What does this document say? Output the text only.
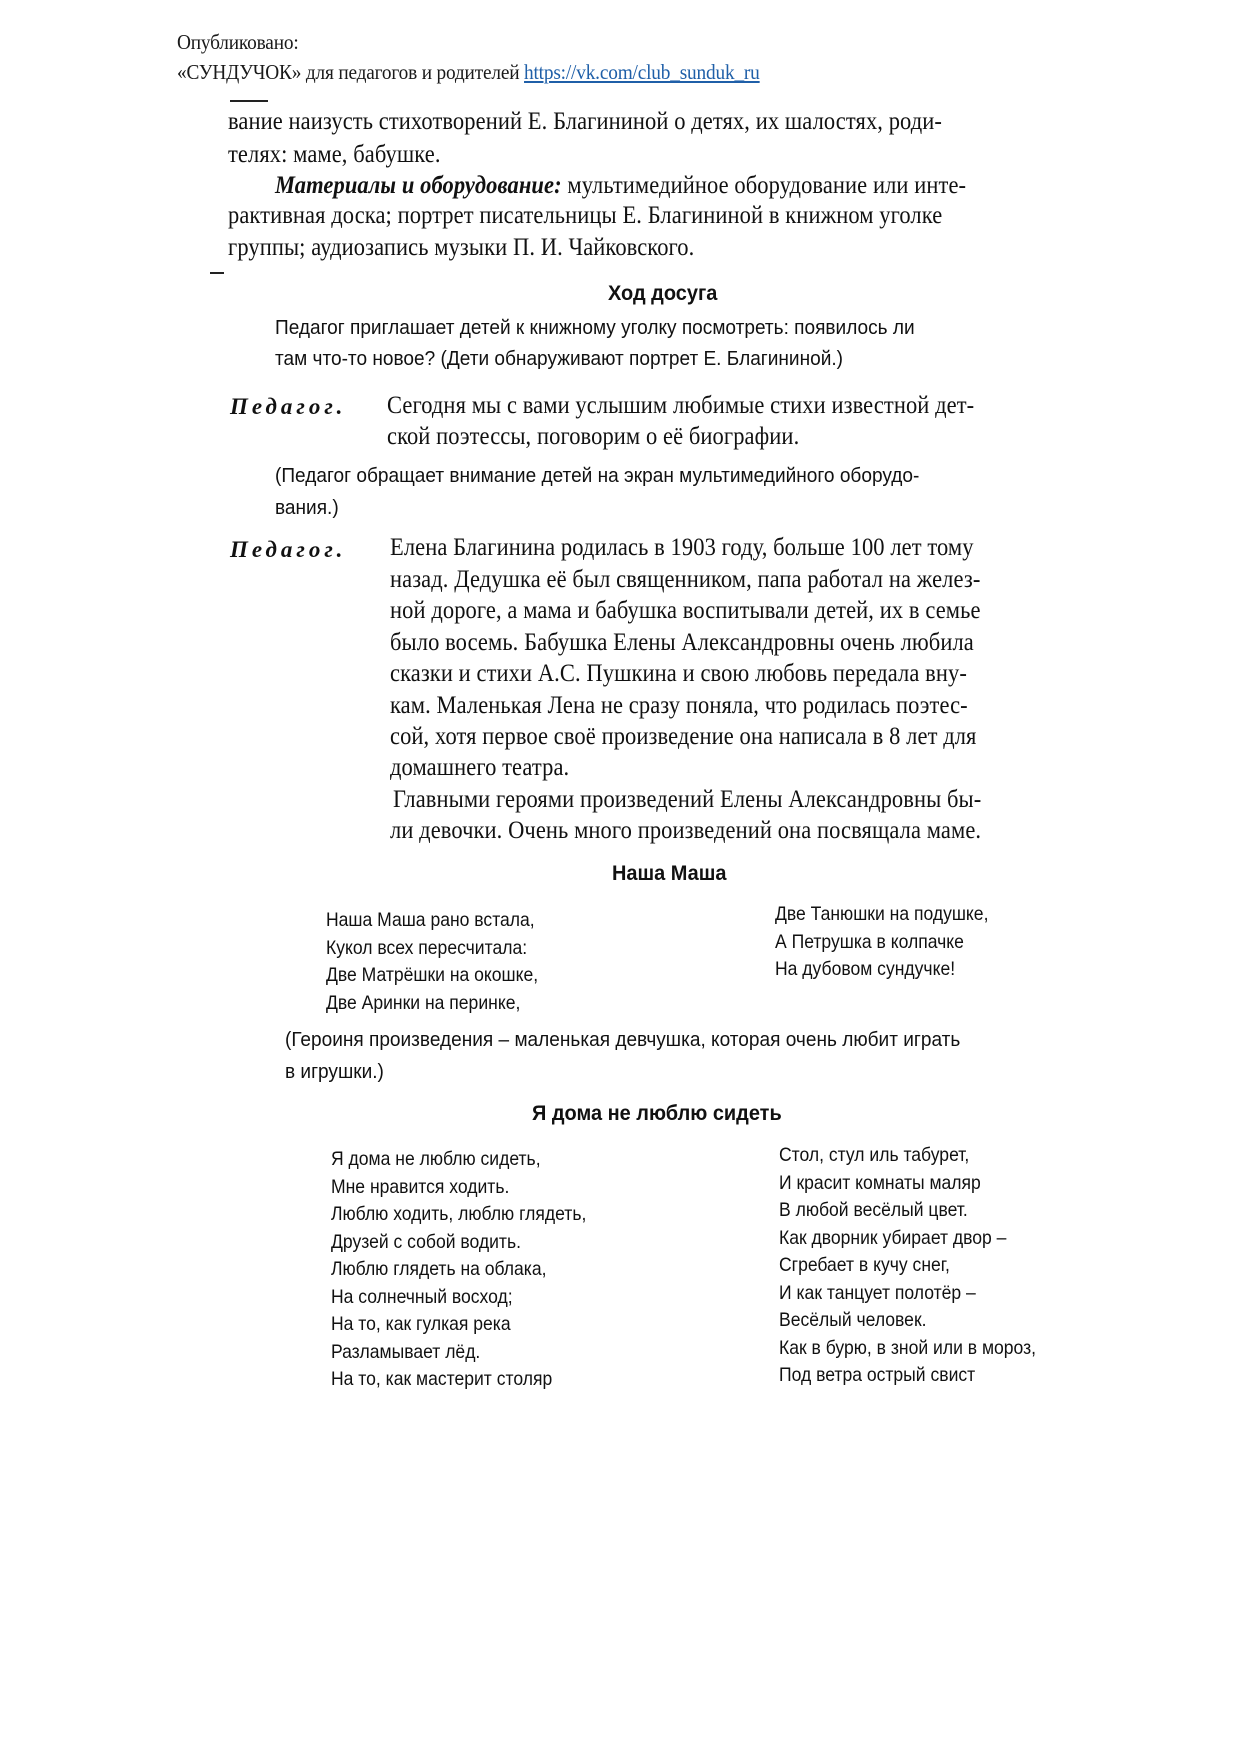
Опубликовано:
«СУНДУЧОК» для педагогов и родителей https://vk.com/club_sunduk_ru
вание наизусть стихотворений Е. Благининой о детях, их шалостях, роди-
телях: маме, бабушке.
Материалы и оборудование: мультимедийное оборудование или инте-
рактивная доска; портрет писательницы Е. Благининой в книжном уголке
группы; аудиозапись музыки П. И. Чайковского.
Ход досуга
Педагог приглашает детей к книжному уголку посмотреть: появилось ли
там что-то новое? (Дети обнаруживают портрет Е. Благининой.)
Педагог. Сегодня мы с вами услышим любимые стихи известной дет-
ской поэтессы, поговорим о её биографии.
(Педагог обращает внимание детей на экран мультимедийного оборудо-
вания.)
Педагог. Елена Благинина родилась в 1903 году, больше 100 лет тому
назад. Дедушка её был священником, папа работал на желез-
ной дороге, а мама и бабушка воспитывали детей, их в семье
было восемь. Бабушка Елены Александровны очень любила
сказки и стихи А.С. Пушкина и свою любовь передала вну-
кам. Маленькая Лена не сразу поняла, что родилась поэтес-
сой, хотя первое своё произведение она написала в 8 лет для
домашнего театра.
Главными героями произведений Елены Александровны бы-
ли девочки. Очень много произведений она посвящала маме.
Наша Маша
Наша Маша рано встала,
Кукол всех пересчитала:
Две Матрёшки на окошке,
Две Аринки на перинке,
Две Танюшки на подушке,
А Петрушка в колпачке
На дубовом сундучке!
(Героиня произведения – маленькая девчушка, которая очень любит играть
в игрушки.)
Я дома не люблю сидеть
Я дома не люблю сидеть,
Мне нравится ходить.
Люблю ходить, люблю глядеть,
Друзей с собой водить.
Люблю глядеть на облака,
На солнечный восход;
На то, как гулкая река
Разламывает лёд.
На то, как мастерит столяр
Стол, стул иль табурет,
И красит комнаты маляр
В любой весёлый цвет.
Как дворник убирает двор –
Сгребает в кучу снег,
И как танцует полотёр –
Весёлый человек.
Как в бурю, в зной или в мороз,
Под ветра острый свист
